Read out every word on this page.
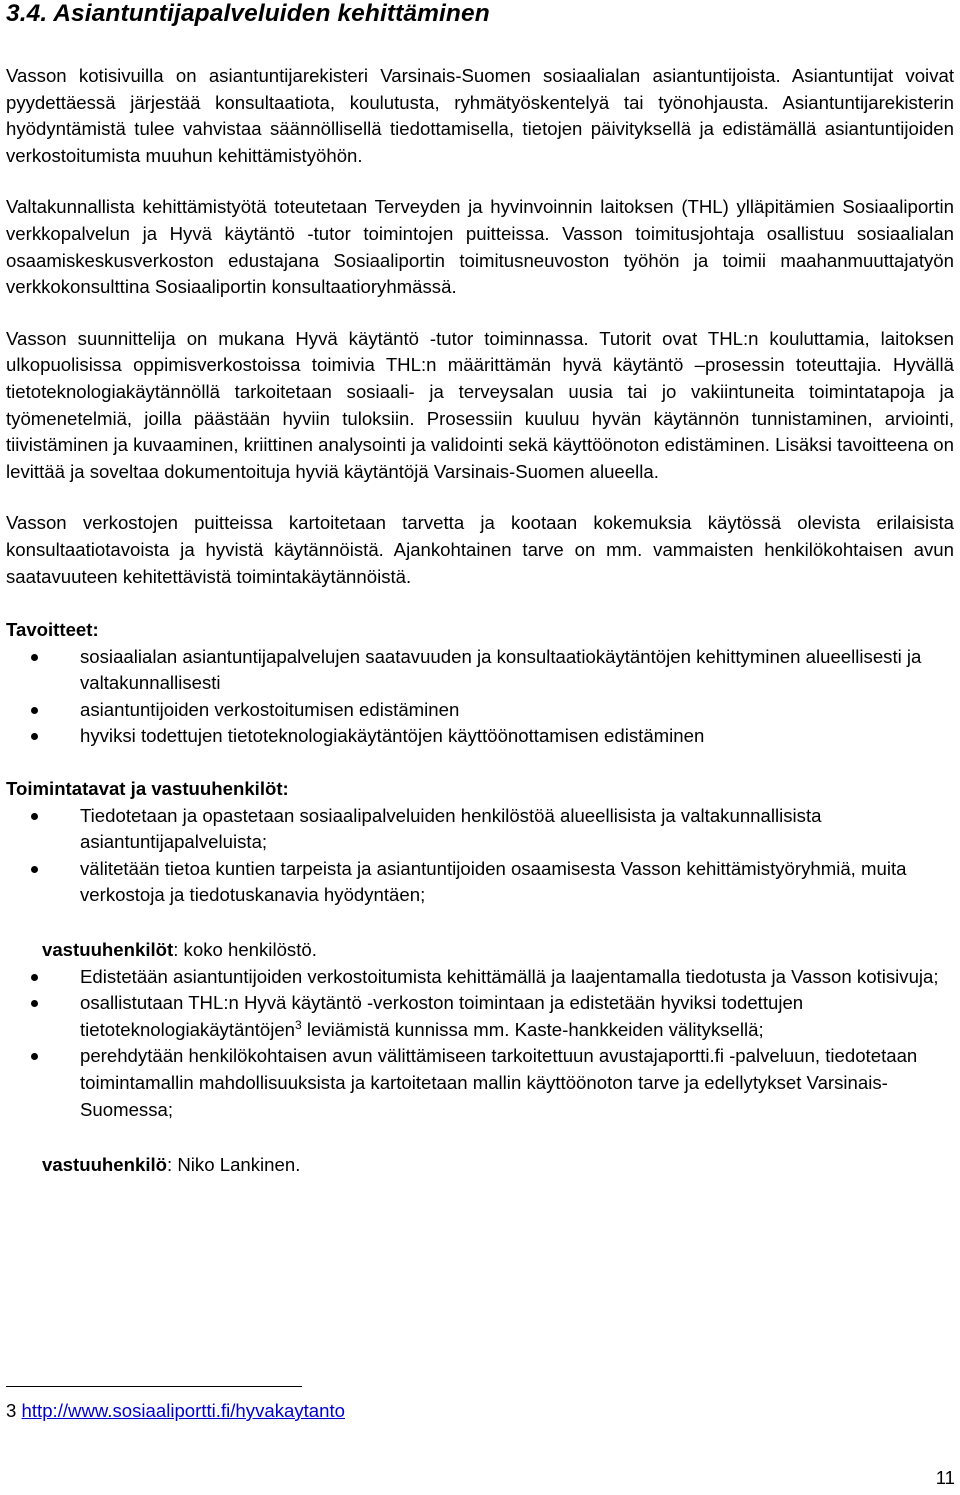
3.4. Asiantuntijapalveluiden kehittäminen

Vasson kotisivuilla on asiantuntijarekisteri Varsinais-Suomen sosiaalialan asiantuntijoista. Asiantuntijat voivat pyydettäessä järjestää konsultaatiota, koulutusta, ryhmätyöskentelyä tai työnohjausta. Asiantuntijarekisterin hyödyntämistä tulee vahvistaa säännöllisellä tiedottamisella, tietojen päivityksellä ja edistämällä asiantuntijoiden verkostoitumista muuhun kehittämistyöhön.

Valtakunnallista kehittämistyötä toteutetaan Terveyden ja hyvinvoinnin laitoksen (THL) ylläpitämien Sosiaaliportin verkkopalvelun ja Hyvä käytäntö -tutor toimintojen puitteissa. Vasson toimitusjohtaja osallistuu sosiaalialan osaamiskeskusverkoston edustajana Sosiaaliportin toimitusneuvoston työhön ja toimii maahanmuuttajatyön verkkokonsulttina Sosiaaliportin konsultaatioryhmässä.

Vasson suunnittelija on mukana Hyvä käytäntö -tutor toiminnassa. Tutorit ovat THL:n kouluttamia, laitoksen ulkopuolisissa oppimisverkostoissa toimivia THL:n määrittämän hyvä käytäntö –prosessin toteuttajia. Hyvällä tietoteknologiakäytännöllä tarkoitetaan sosiaali- ja terveysalan uusia tai jo vakiintuneita toimintatapoja ja työmenetelmiä, joilla päästään hyviin tuloksiin. Prosessiin kuuluu hyvän käytännön tunnistaminen, arviointi, tiivistäminen ja kuvaaminen, kriittinen analysointi ja validointi sekä käyttöönoton edistäminen. Lisäksi tavoitteena on levittää ja soveltaa dokumentoituja hyviä käytäntöjä Varsinais-Suomen alueella.

Vasson verkostojen puitteissa kartoitetaan tarvetta ja kootaan kokemuksia käytössä olevista erilaisista konsultaatiotavoista ja hyvistä käytännöistä. Ajankohtainen tarve on mm. vammaisten henkilökohtaisen avun saatavuuteen kehitettävistä toimintakäytännöistä.

Tavoitteet:

sosiaalialan asiantuntijapalvelujen saatavuuden ja konsultaatiokäytäntöjen kehittyminen alueellisesti ja valtakunnallisesti
asiantuntijoiden verkostoitumisen edistäminen
hyviksi todettujen tietoteknologiakäytäntöjen käyttöönottamisen edistäminen

Toimintatavat ja vastuuhenkilöt:

Tiedotetaan ja opastetaan sosiaalipalveluiden henkilöstöä alueellisista ja valtakunnallisista asiantuntijapalveluista;
välitetään tietoa kuntien tarpeista ja asiantuntijoiden osaamisesta Vasson kehittämistyöryhmiä, muita verkostoja ja tiedotuskanavia hyödyntäen;

vastuuhenkilöt: koko henkilöstö.

Edistetään asiantuntijoiden verkostoitumista kehittämällä ja laajentamalla tiedotusta ja Vasson kotisivuja;
osallistutaan THL:n Hyvä käytäntö -verkoston toimintaan ja edistetään hyviksi todettujen tietoteknologiakäytäntöjen$^3$ leviämistä kunnissa mm. Kaste-hankkeiden välityksellä;
perehdytään henkilökohtaisen avun välittämiseen tarkoitettuun avustajaportti.fi -palveluun, tiedotetaan toimintamallin mahdollisuuksista ja kartoitetaan mallin käyttöönoton tarve ja edellytykset Varsinais-Suomessa;

vastuuhenkilö: Niko Lankinen.

3 http://www.sosiaaliportti.fi/hyvakaytanto
11
